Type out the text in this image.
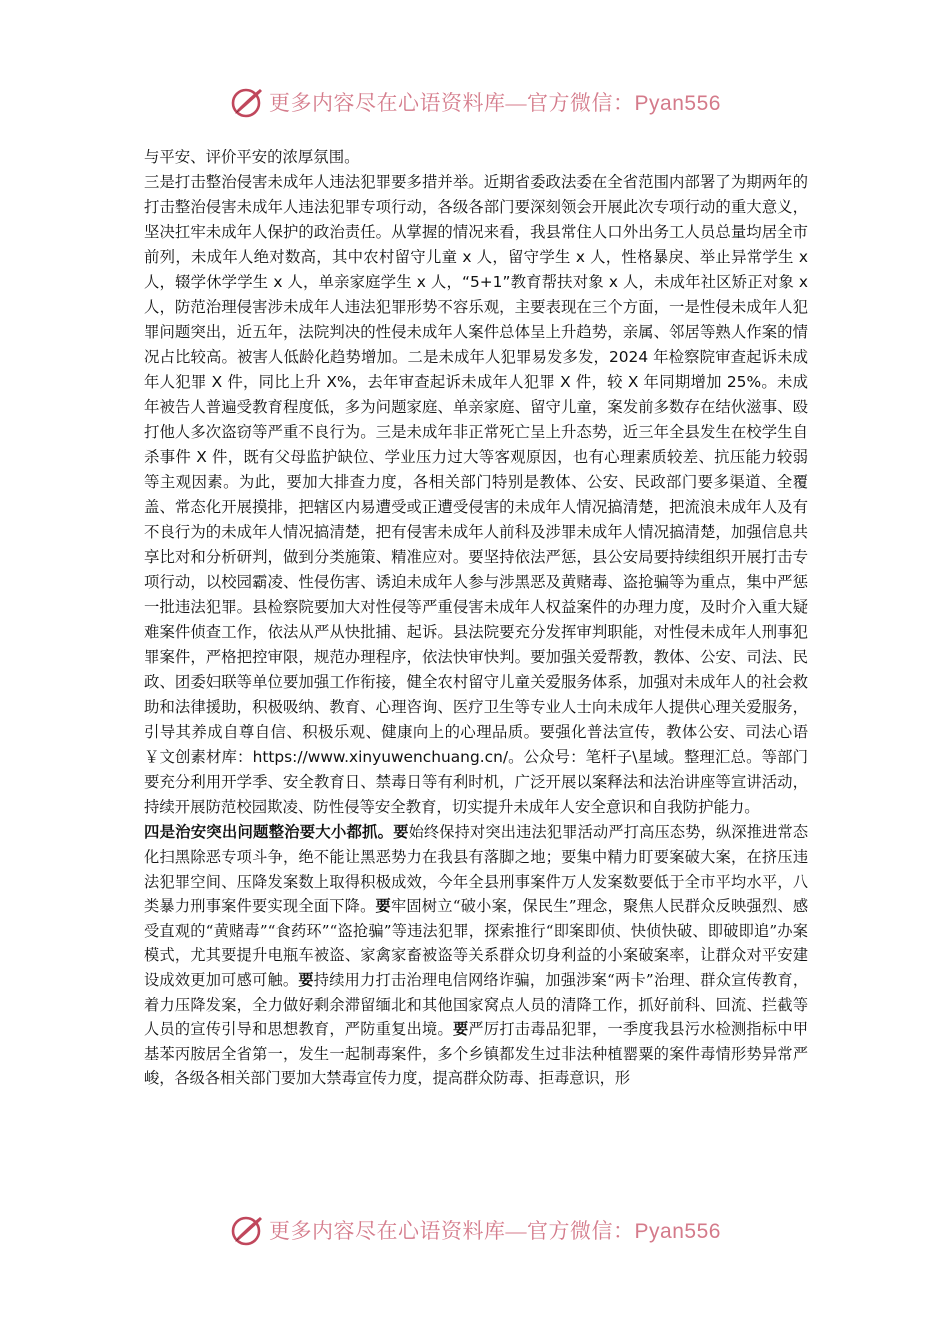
更多内容尽在心语资料库—官方微信：Pyan556

与平安、评价平安的浓厚氛围。

三是打击整治侵害未成年人违法犯罪要多措并举。近期省委政法委在全省范围内部署了为期两年的打击整治侵害未成年人违法犯罪专项行动，各级各部门要深刻领会开展此次专项行动的重大意义，坚决扛牢未成年人保护的政治责任。从掌握的情况来看，我县常住人口外出务工人员总量均居全市前列，未成年人绝对数高，其中农村留守儿童 x 人，留守学生 x 人，性格暴戾、举止异常学生 x 人，辍学休学学生 x 人，单亲家庭学生 x 人，“5+1”教育帮扶对象 x 人，未成年社区矫正对象 x 人，防范治理侵害涉未成年人违法犯罪形势不容乐观，主要表现在三个方面，一是性侵未成年人犯罪问题突出，近五年，法院判决的性侵未成年人案件总体呈上升趋势，亲属、邻居等熟人作案的情况占比较高。被害人低龄化趋势增加。二是未成年人犯罪易发多发，2024 年检察院审查起诉未成年人犯罪 X 件，同比上升 X%，去年审查起诉未成年人犯罪 X 件，较 X 年同期增加 25%。未成年被告人普遍受教育程度低，多为问题家庭、单亲家庭、留守儿童，案发前多数存在结伙滋事、殴打他人多次盗窃等严重不良行为。三是未成年非正常死亡呈上升态势，近三年全县发生在校学生自杀事件 X 件，既有父母监护缺位、学业压力过大等客观原因，也有心理素质较差、抗压能力较弱等主观因素。为此，要加大排查力度，各相关部门特别是教体、公安、民政部门要多渠道、全覆盖、常态化开展摸排，把辖区内易遭受或正遭受侵害的未成年人情况搞清楚，把流浪未成年人及有不良行为的未成年人情况搞清楚，把有侵害未成年人前科及涉罪未成年人情况搞清楚，加强信息共享比对和分析研判，做到分类施策、精准应对。要坚持依法严惩，县公安局要持续组织开展打击专项行动，以校园霸凌、性侵伤害、诱迫未成年人参与涉黑恶及黄赌毒、盗抢骗等为重点，集中严惩一批违法犯罪。县检察院要加大对性侵等严重侵害未成年人权益案件的办理力度，及时介入重大疑难案件侦查工作，依法从严从快批捕、起诉。县法院要充分发挥审判职能，对性侵未成年人刑事犯罪案件，严格把控审限，规范办理程序，依法快审快判。要加强关爱帮教，教体、公安、司法、民政、团委妇联等单位要加强工作衔接，健全农村留守儿童关爱服务体系，加强对未成年人的社会救助和法律援助，积极吸纳、教育、心理咨询、医疗卫生等专业人士向未成年人提供心理关爱服务，引导其养成自尊自信、积极乐观、健康向上的心理品质。要强化普法宣传，教体公安、司法心语￥文创素材库：https://www.xinyuwenchuang.cn/。公众号：笔杆子\星域。整理汇总。等部门要充分利用开学季、安全教育日、禁毒日等有利时机，广泛开展以案释法和法治讲座等宣讲活动，持续开展防范校园欺凌、防性侵等安全教育，切实提升未成年人安全意识和自我防护能力。

四是治安突出问题整治要大小都抓。要始终保持对突出违法犯罪活动严打高压态势，纵深推进常态化扫黑除恶专项斗争，绝不能让黑恶势力在我县有落脚之地；要集中精力盯要案破大案，在挤压违法犯罪空间、压降发案数上取得积极成效，今年全县刑事案件万人发案数要低于全市平均水平，八类暴力刑事案件要实现全面下降。要牢固树立“破小案，保民生”理念，聚焦人民群众反映强烈、感受直观的“黄赌毒”“食药环”“盗抢骗”等违法犯罪，探索推行“即案即侦、快侦快破、即破即追”办案模式，尤其要提升电瓶车被盗、家禽家畜被盗等关系群众切身利益的小案破案率，让群众对平安建设成效更加可感可触。要持续用力打击治理电信网络诈骗，加强涉案“两卡”治理、群众宣传教育，着力压降发案，全力做好剩余滞留缅北和其他国家窝点人员的清降工作，抓好前科、回流、拦截等人员的宣传引导和思想教育，严防重复出境。要严厉打击毒品犯罪，一季度我县污水检测指标中甲基苯丙胺居全省第一，发生一起制毒案件，多个乡镇都发生过非法种植罂粟的案件毒情形势异常严峻，各级各相关部门要加大禁毒宣传力度，提高群众防毒、拒毒意识，形

更多内容尽在心语资料库—官方微信：Pyan556
